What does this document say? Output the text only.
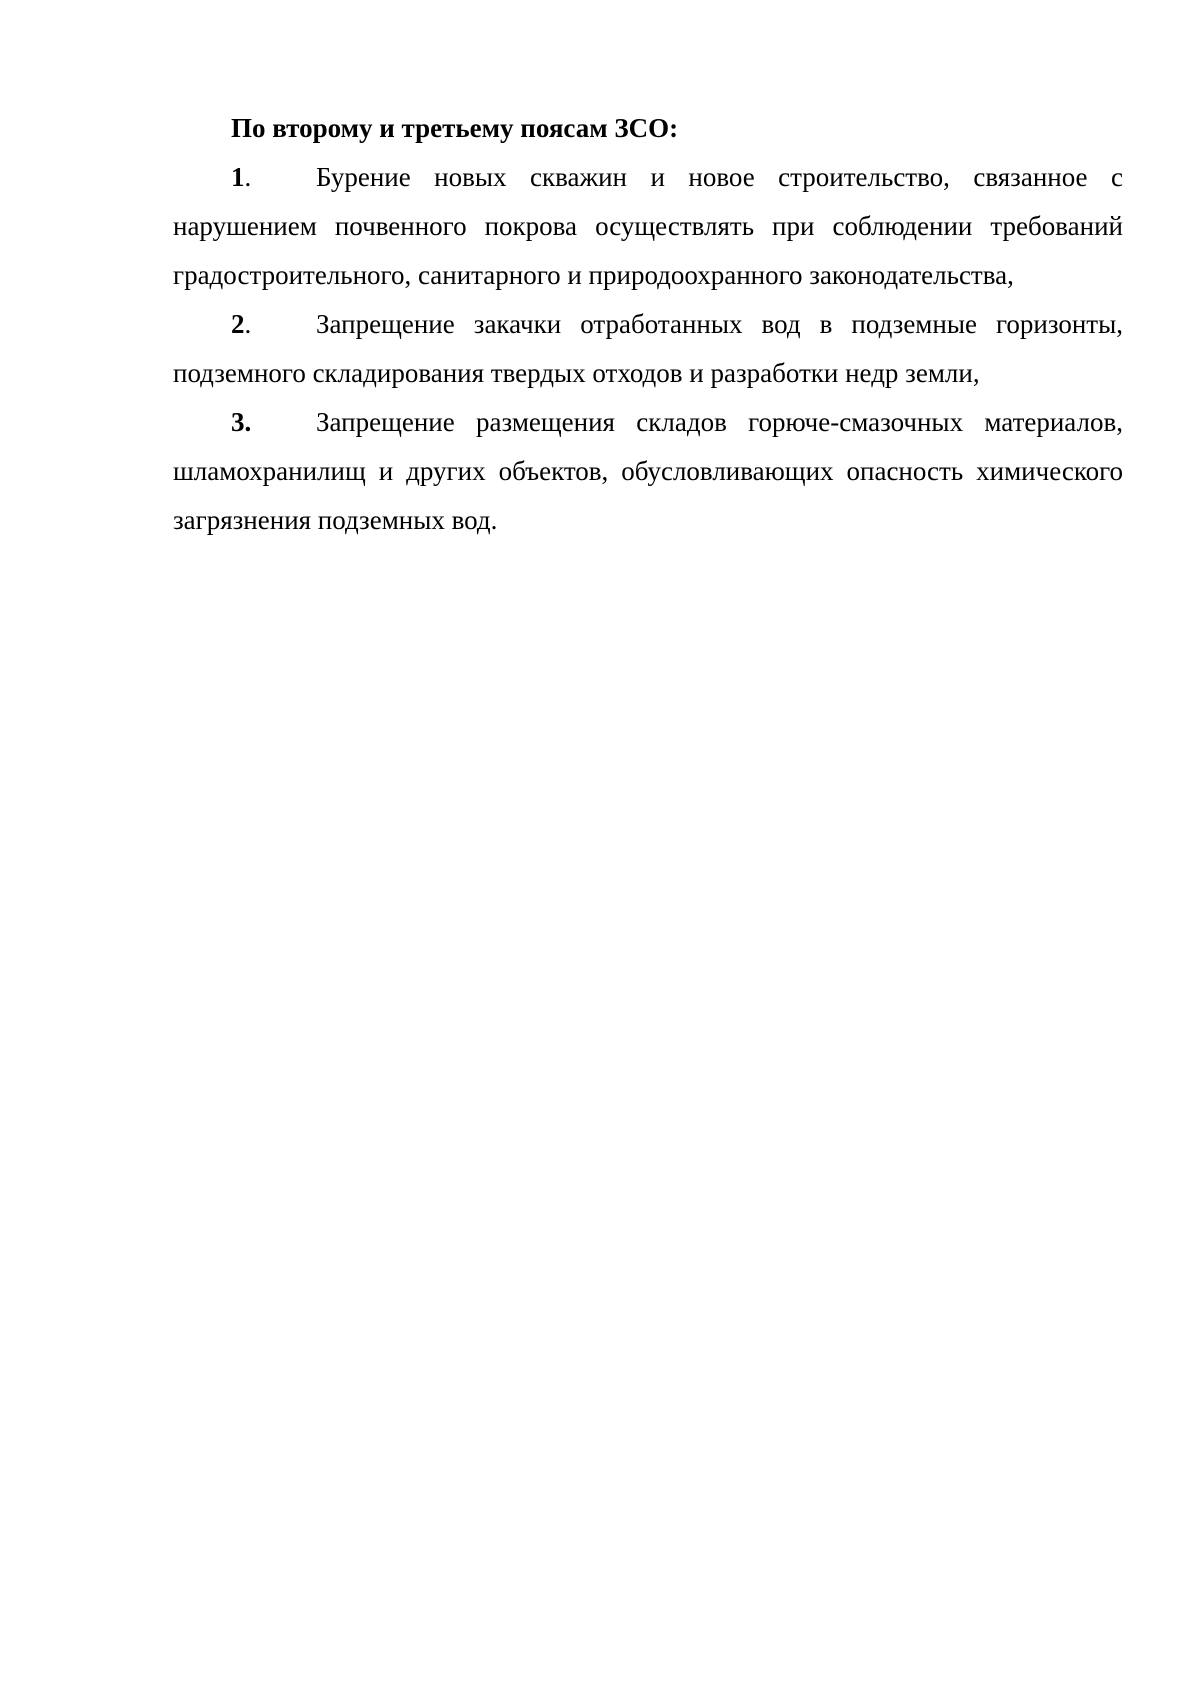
По второму и третьему поясам ЗСО:

1. Бурение новых скважин и новое строительство, связанное с нарушением почвенного покрова осуществлять при соблюдении требований градостроительного, санитарного и природоохранного законодательства,

2. Запрещение закачки отработанных вод в подземные горизонты, подземного складирования твердых отходов и разработки недр земли,

3. Запрещение размещения складов горюче-смазочных материалов, шламохранилищ и других объектов, обусловливающих опасность химического загрязнения подземных вод.
